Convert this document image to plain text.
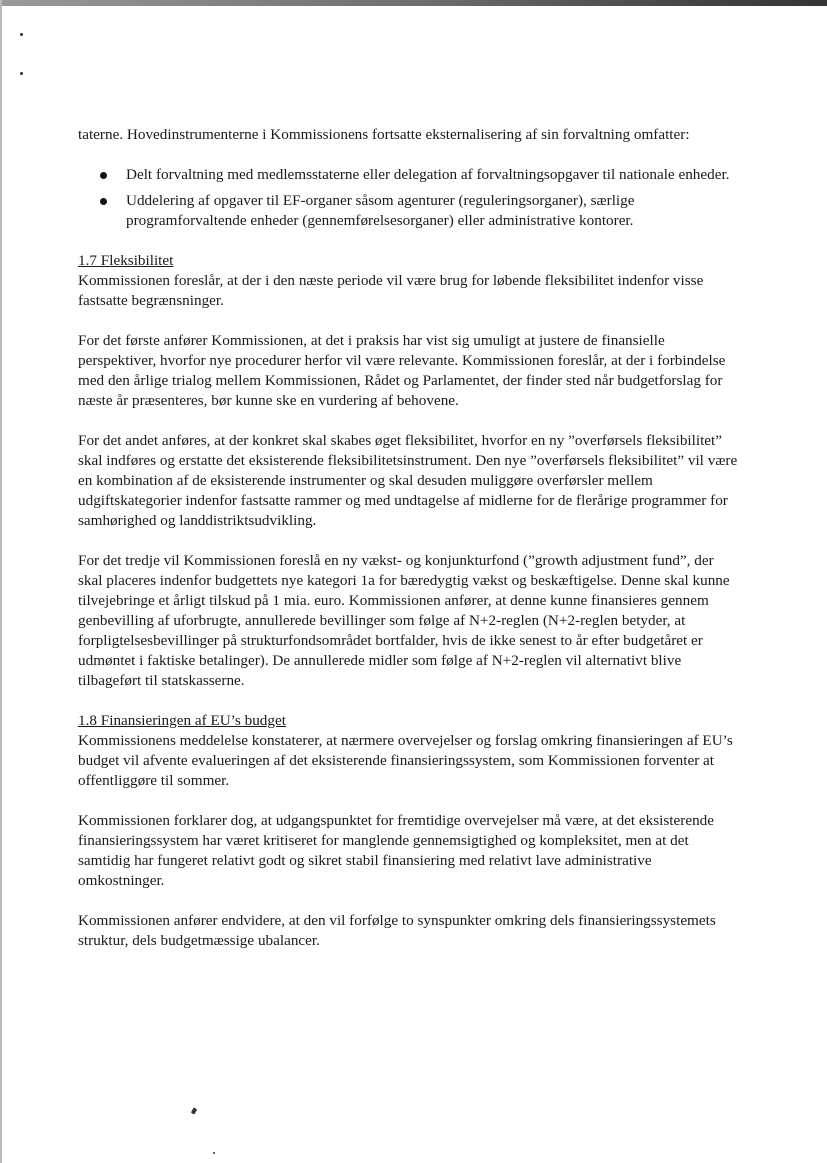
taterne. Hovedinstrumenterne i Kommissionens fortsatte eksternalisering af sin forvaltning omfatter:

Delt forvaltning med medlemsstaterne eller delegation af forvaltningsopgaver til nationale enheder.
Uddelering af opgaver til EF-organer såsom agenturer (reguleringsorganer), særlige programforvaltende enheder (gennemførelsesorganer) eller administrative kontorer.
1.7 Fleksibilitet

Kommissionen foreslår, at der i den næste periode vil være brug for løbende fleksibilitet indenfor visse fastsatte begrænsninger.

For det første anfører Kommissionen, at det i praksis har vist sig umuligt at justere de finansielle perspektiver, hvorfor nye procedurer herfor vil være relevante. Kommissionen foreslår, at der i forbindelse med den årlige trialog mellem Kommissionen, Rådet og Parlamentet, der finder sted når budgetforslag for næste år præsenteres, bør kunne ske en vurdering af behovene.

For det andet anføres, at der konkret skal skabes øget fleksibilitet, hvorfor en ny ”overførsels fleksibilitet” skal indføres og erstatte det eksisterende fleksibilitetsinstrument. Den nye ”overførsels fleksibilitet” vil være en kombination af de eksisterende instrumenter og skal desuden muliggøre overførsler mellem udgiftskategorier indenfor fastsatte rammer og med undtagelse af midlerne for de flerårige programmer for samhørighed og landdistriktsudvikling.

For det tredje vil Kommissionen foreslå en ny vækst- og konjunkturfond (”growth adjustment fund”, der skal placeres indenfor budgettets nye kategori 1a for bæredygtig vækst og beskæftigelse. Denne skal kunne tilvejebringe et årligt tilskud på 1 mia. euro. Kommissionen anfører, at denne kunne finansieres gennem genbevilling af uforbrugte, annullerede bevillinger som følge af N+2-reglen (N+2-reglen betyder, at forpligtelsesbevillinger på strukturfondsområdet bortfalder, hvis de ikke senest to år efter budgetåret er udmøntet i faktiske betalinger). De annullerede midler som følge af N+2-reglen vil alternativt blive tilbageført til statskasserne.

1.8 Finansieringen af EU’s budget

Kommissionens meddelelse konstaterer, at nærmere overvejelser og forslag omkring finansieringen af EU’s budget vil afvente evalueringen af det eksisterende finansieringssystem, som Kommissionen forventer at offentliggøre til sommer.

Kommissionen forklarer dog, at udgangspunktet for fremtidige overvejelser må være, at det eksisterende finansieringssystem har været kritiseret for manglende gennemsigtighed og kompleksitet, men at det samtidig har fungeret relativt godt og sikret stabil finansiering med relativt lave administrative omkostninger.

Kommissionen anfører endvidere, at den vil forfølge to synspunkter omkring dels finansieringssystemets struktur, dels budgetmæssige ubalancer.
